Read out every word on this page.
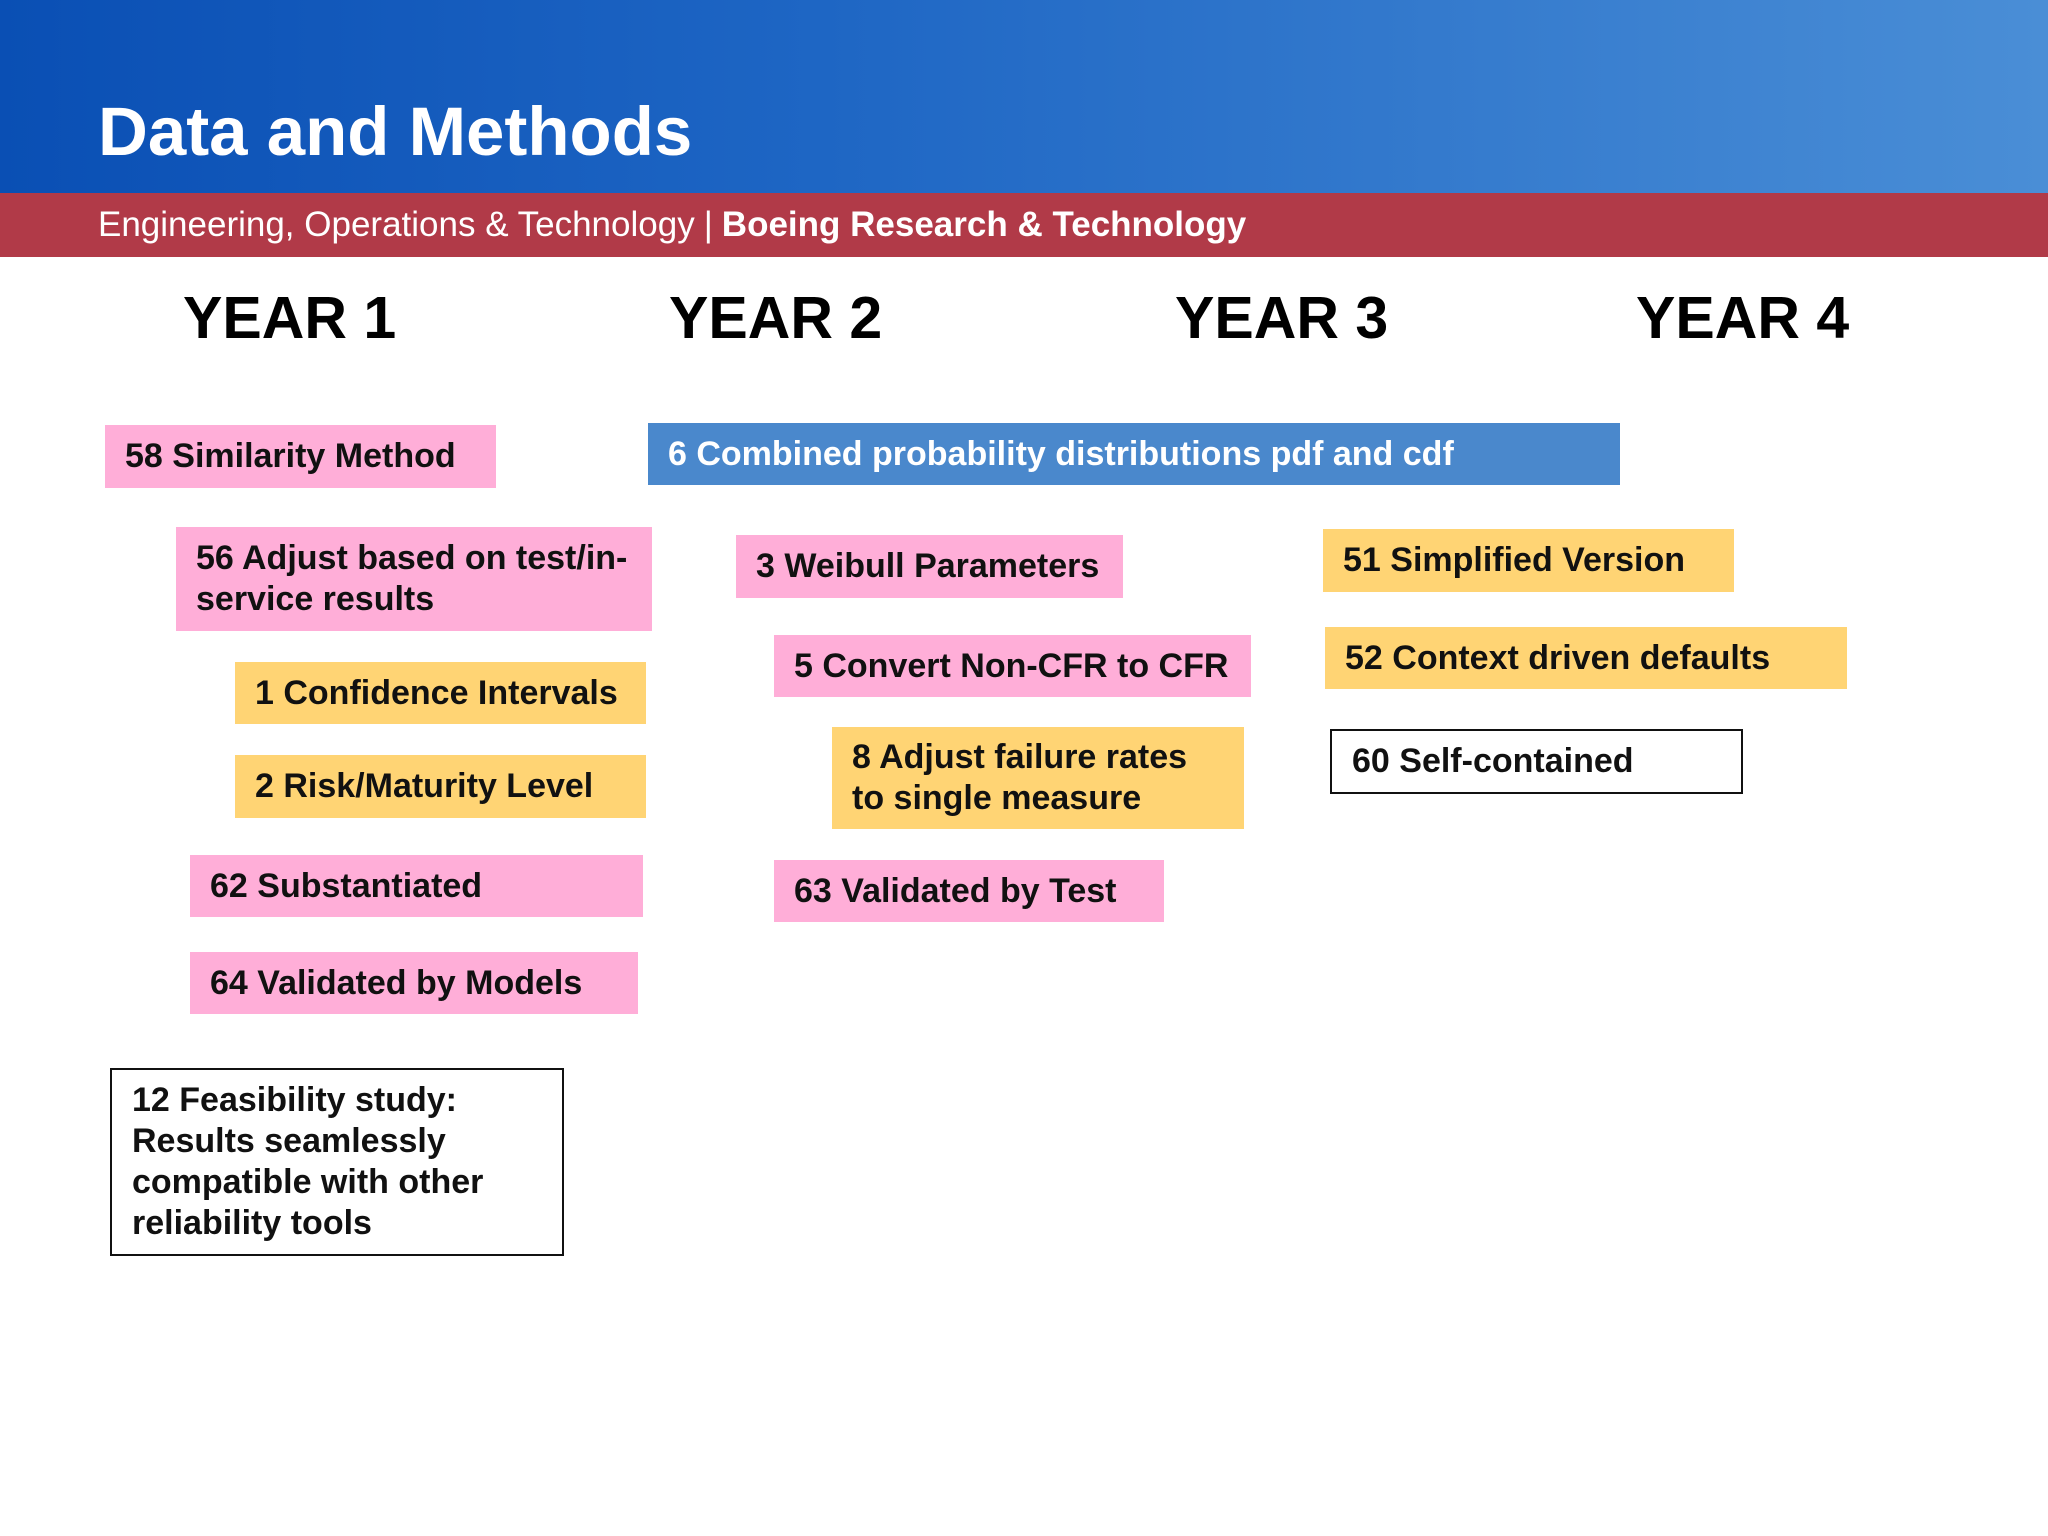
Data and Methods
Engineering, Operations & Technology | Boeing Research & Technology
YEAR 1	YEAR 2	YEAR 3	YEAR 4
58 Similarity Method	6 Combined probability distributions pdf and cdf
56 Adjust based on test/in-service results
3 Weibull Parameters	51 Simplified Version
1 Confidence Intervals
5 Convert Non-CFR to CFR	52 Context driven defaults
2 Risk/Maturity Level
8 Adjust failure rates to single measure
60 Self-contained
62 Substantiated	63 Validated by Test
64 Validated by Models
12 Feasibility study: Results seamlessly compatible with other reliability tools
